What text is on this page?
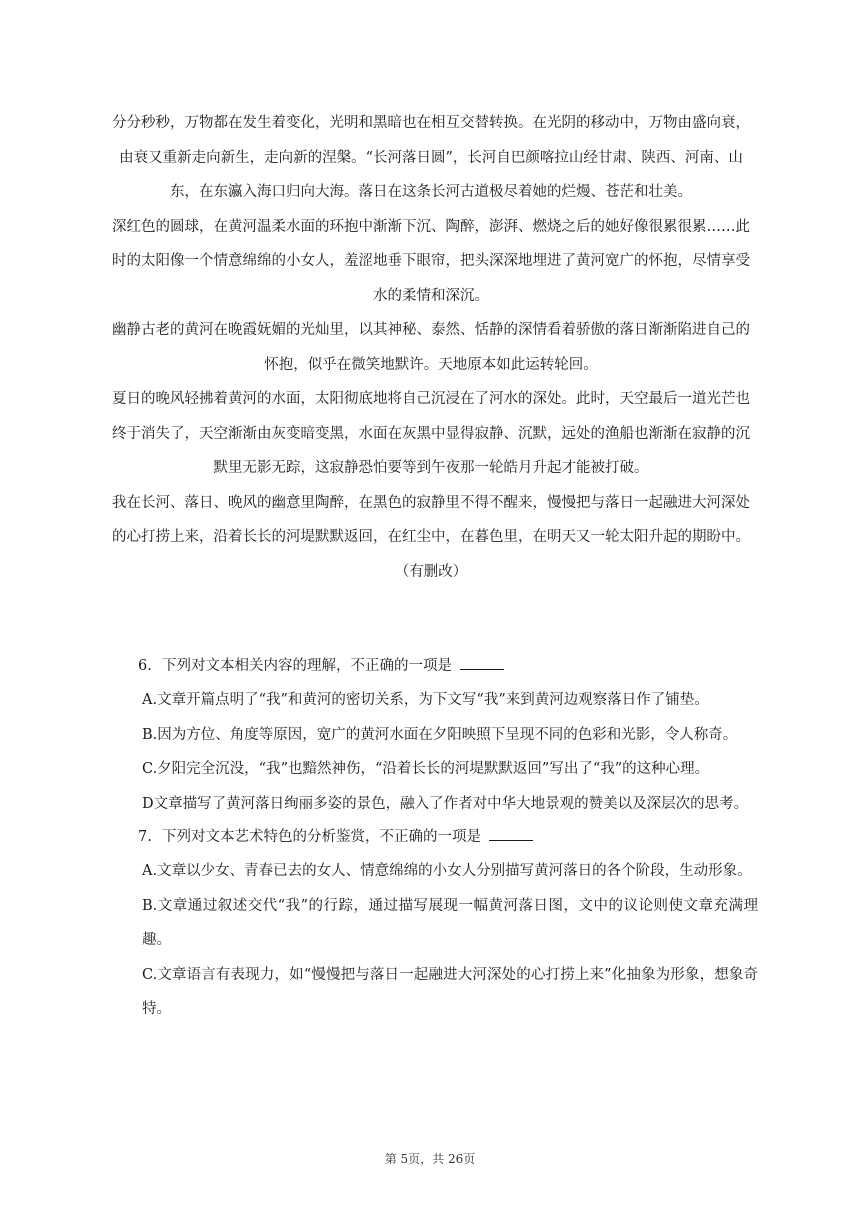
分分秒秒，万物都在发生着变化，光明和黑暗也在相互交替转换。在光阴的移动中，万物由盛向衰，由衰又重新走向新生，走向新的涅槃。“长河落日圆”，长河自巴颜喀拉山经甘肃、陕西、河南、山东，在东瀛入海口归向大海。落日在这条长河古道极尽着她的烂熳、苍茫和壮美。

深红色的圆球，在黄河温柔水面的环抱中渐渐下沉、陶醉，澎湃、燃烧之后的她好像很累很累……此时的太阳像一个情意绵绵的小女人，羞涩地垂下眼帘，把头深深地埋进了黄河宽广的怀抱，尽情享受水的柔情和深沉。

幽静古老的黄河在晚霞妩媚的光灿里，以其神秘、泰然、恬静的深情看着骄傲的落日渐渐陷进自己的怀抱，似乎在微笑地默许。天地原本如此运转轮回。

夏日的晚风轻拂着黄河的水面，太阳彻底地将自己沉浸在了河水的深处。此时，天空最后一道光芒也终于消失了，天空渐渐由灰变暗变黑，水面在灰黑中显得寂静、沉默，远处的渔船也渐渐在寂静的沉默里无影无踪，这寂静恐怕要等到午夜那一轮皓月升起才能被打破。

我在长河、落日、晚风的幽意里陶醉，在黑色的寂静里不得不醒来，慢慢把与落日一起融进大河深处的心打捞上来，沿着长长的河堤默默返回，在红尘中，在暮色里，在明天又一轮太阳升起的期盼中。

（有删改）

6. 下列对文本相关内容的理解，不正确的一项是

A.文章开篇点明了“我”和黄河的密切关系，为下文写“我”来到黄河边观察落日作了铺垫。

B.因为方位、角度等原因，宽广的黄河水面在夕阳映照下呈现不同的色彩和光影，令人称奇。

C.夕阳完全沉没，“我”也黯然神伤，“沿着长长的河堤默默返回”写出了“我”的这种心理。

D文章描写了黄河落日绚丽多姿的景色，融入了作者对中华大地景观的赞美以及深层次的思考。

7. 下列对文本艺术特色的分析鉴赏，不正确的一项是

A.文章以少女、青春已去的女人、情意绵绵的小女人分别描写黄河落日的各个阶段，生动形象。

B.文章通过叙述交代“我”的行踪，通过描写展现一幅黄河落日图，文中的议论则使文章充满理趣。

C.文章语言有表现力，如“慢慢把与落日一起融进大河深处的心打捞上来”化抽象为形象，想象奇特。

第 5页，共 26页
